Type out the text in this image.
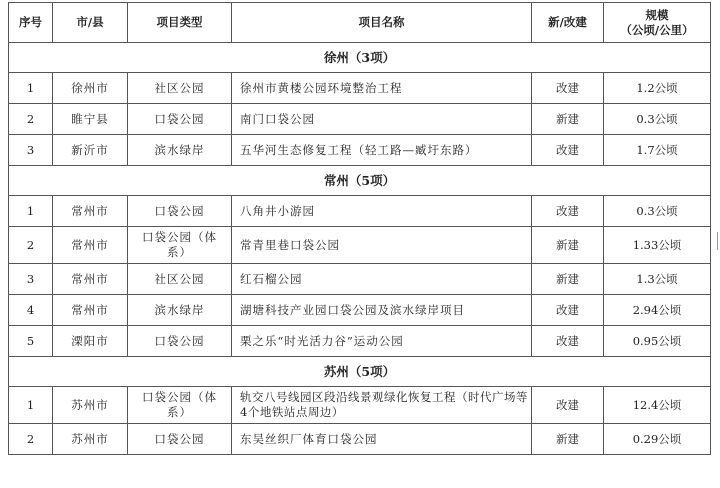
序号	市/县	项目类型	项目名称	新/改建	规模
（公顷/公里）

徐州（3项）					
1	徐州市	社区公园	徐州市黄楼公园环境整治工程	改建	1.2公顷
2	睢宁县	口袋公园	南门口袋公园	新建	0.3公顷
3	新沂市	滨水绿岸	五华河生态修复工程（轻工路—臧圩东路）	改建	1.7公顷
常州（5项）					
1	常州市	口袋公园	八角井小游园	改建	0.3公顷
2	常州市	口袋公园（体系）	常青里巷口袋公园	新建	1.33公顷
3	常州市	社区公园	红石榴公园	新建	1.3公顷
4	常州市	滨水绿岸	湖塘科技产业园口袋公园及滨水绿岸项目	改建	2.94公顷
5	溧阳市	口袋公园	栗之乐“时光活力谷”运动公园	改建	0.95公顷
苏州（5项）					
1	苏州市	口袋公园（体系）	轨交八号线园区段沿线景观绿化恢复工程（时代广场等4个地铁站点周边）	改建	12.4公顷
2	苏州市	口袋公园	东吴丝织厂体育口袋公园	新建	0.29公顷
